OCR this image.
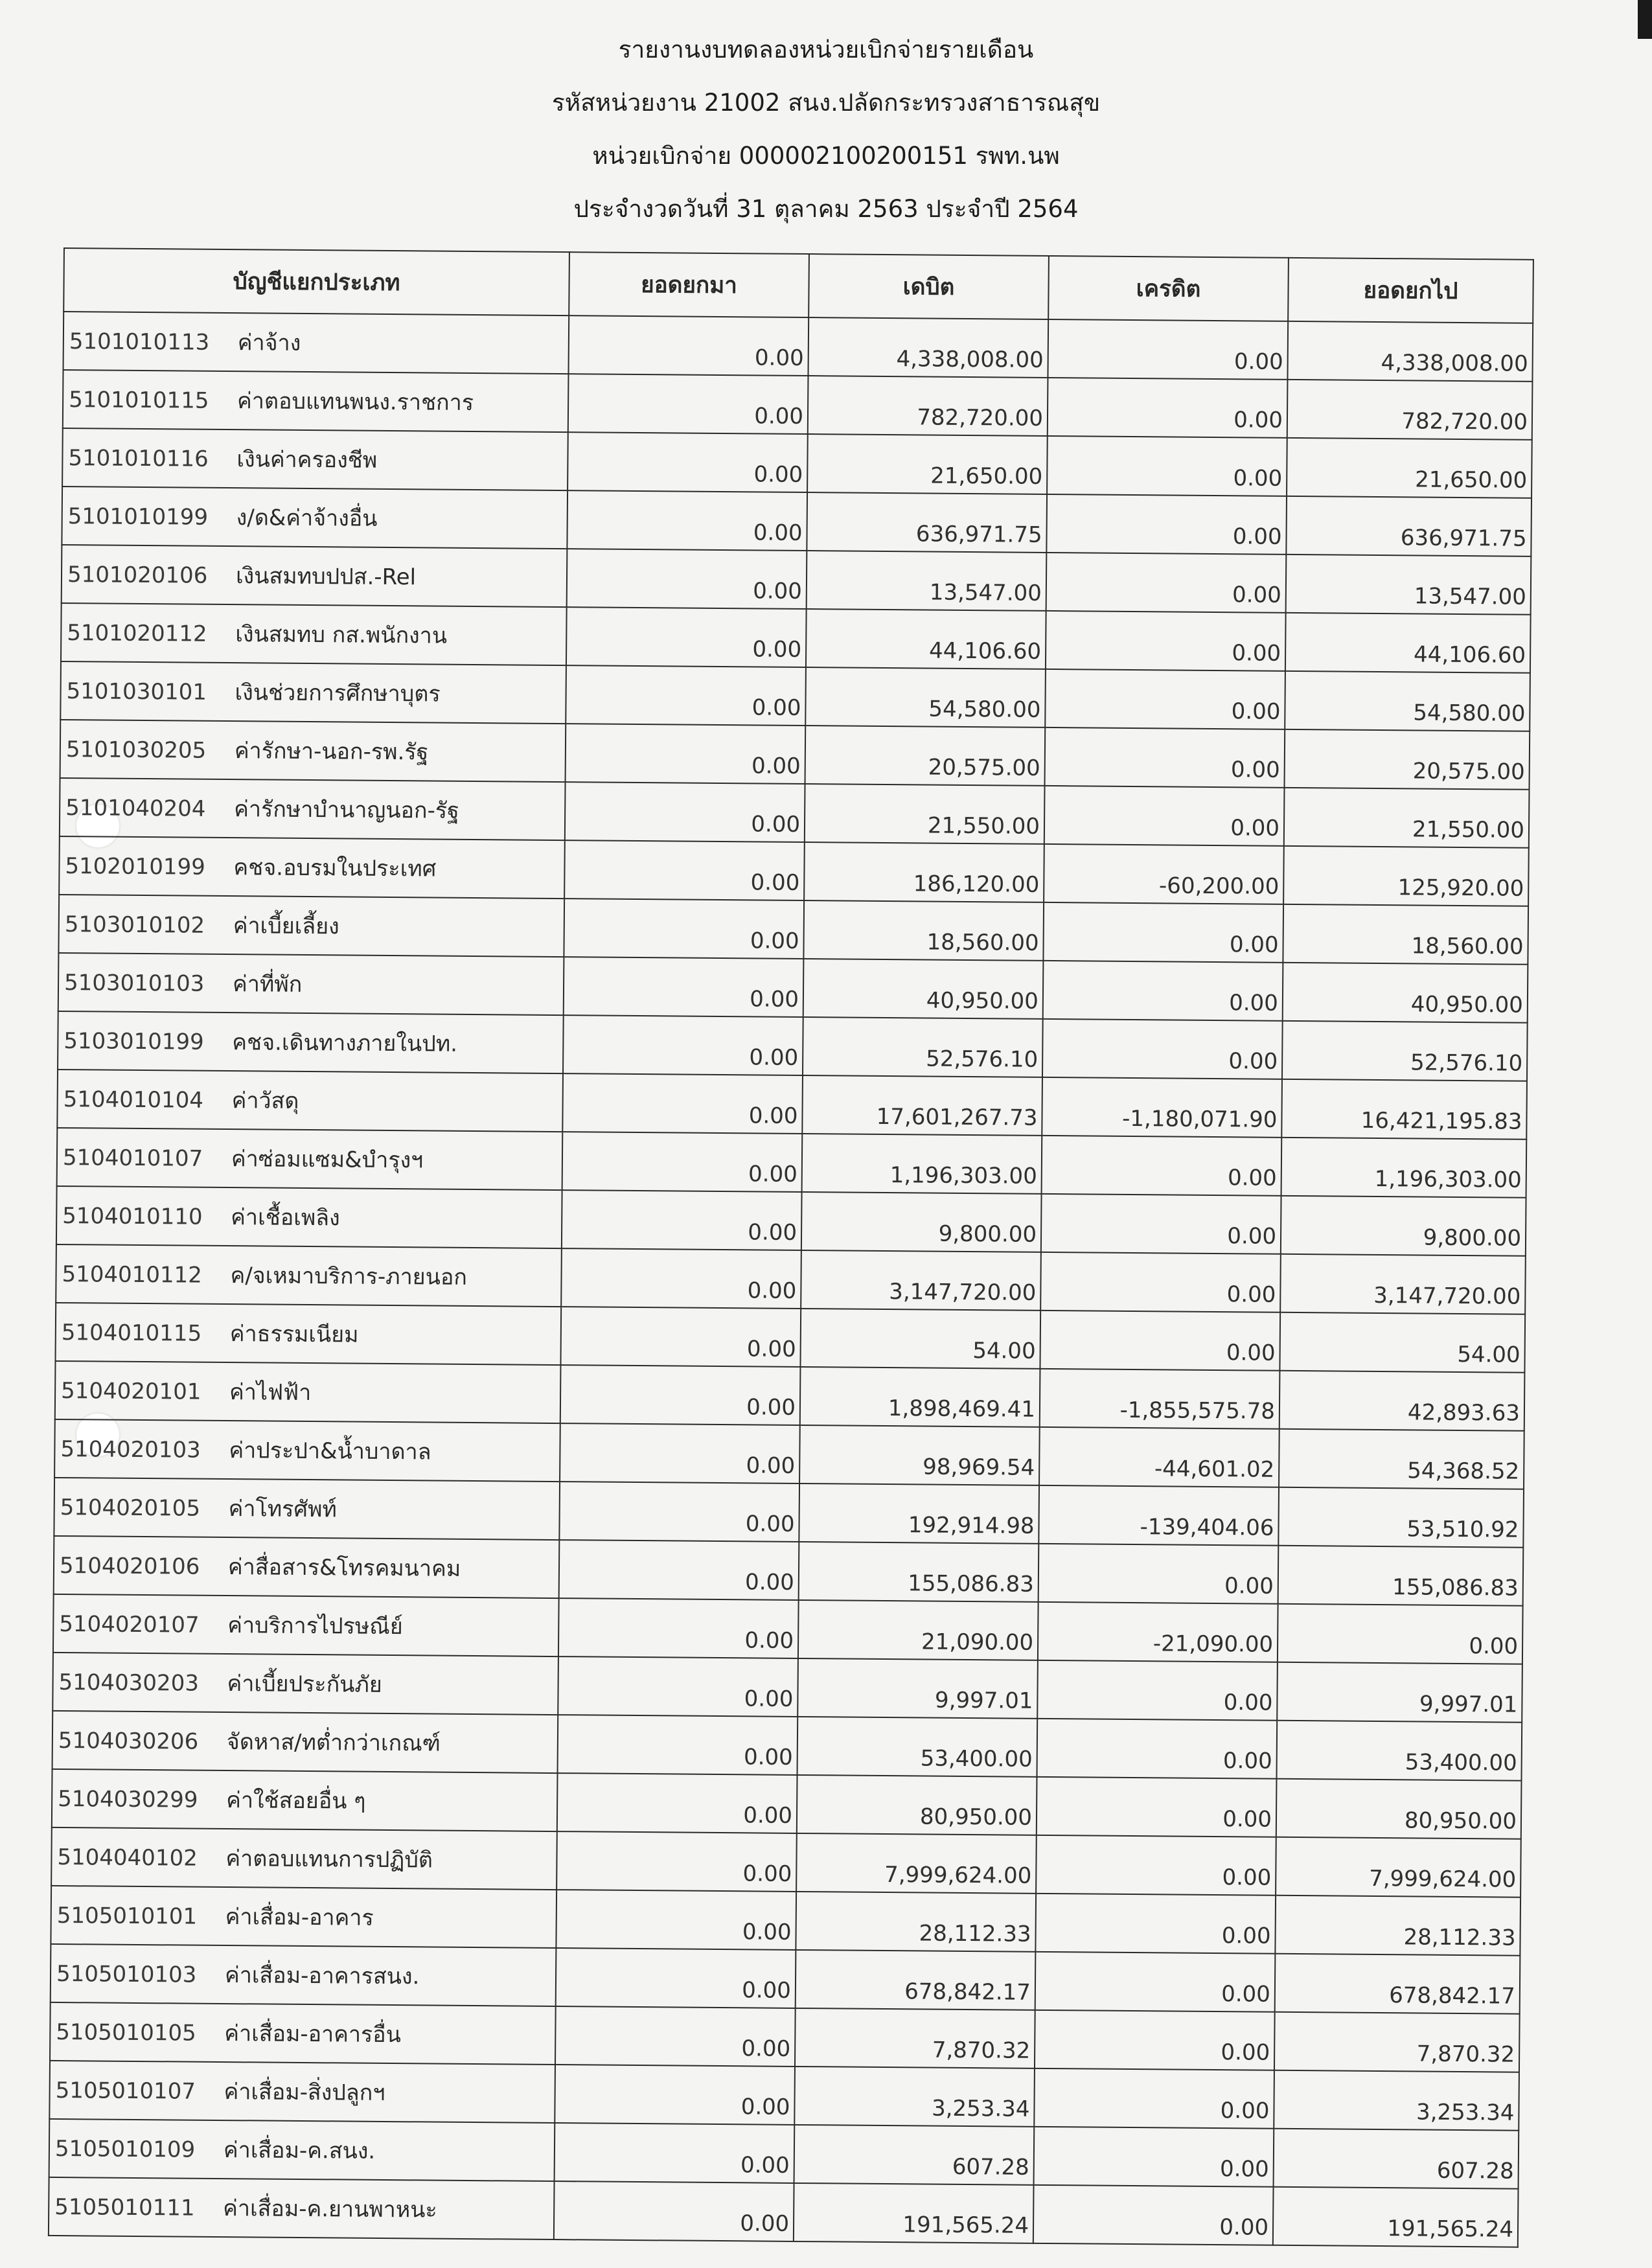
รายงานงบทดลองหน่วยเบิกจ่ายรายเดือน
รหัสหน่วยงาน 21002 สนง.ปลัดกระทรวงสาธารณสุข
หน่วยเบิกจ่าย 000002100200151 รพท.นพ
ประจำงวดวันที่ 31 ตุลาคม 2563 ประจำปี 2564
บัญชีแยกประเภท	ยอดยกมา	เดบิต	เครดิต	ยอดยกไป
5101010113 ค่าจ้าง	0.00	4,338,008.00	0.00	4,338,008.00
5101010115 ค่าตอบแทนพนง.ราชการ	0.00	782,720.00	0.00	782,720.00
5101010116 เงินค่าครองชีพ	0.00	21,650.00	0.00	21,650.00
5101010199 ง/ด&ค่าจ้างอื่น	0.00	636,971.75	0.00	636,971.75
5101020106 เงินสมทบปปส.-Rel	0.00	13,547.00	0.00	13,547.00
5101020112 เงินสมทบ กส.พนักงาน	0.00	44,106.60	0.00	44,106.60
5101030101 เงินช่วยการศึกษาบุตร	0.00	54,580.00	0.00	54,580.00
5101030205 ค่ารักษา-นอก-รพ.รัฐ	0.00	20,575.00	0.00	20,575.00
5101040204 ค่ารักษาบำนาญนอก-รัฐ	0.00	21,550.00	0.00	21,550.00
5102010199 คชจ.อบรมในประเทศ	0.00	186,120.00	-60,200.00	125,920.00
5103010102 ค่าเบี้ยเลี้ยง	0.00	18,560.00	0.00	18,560.00
5103010103 ค่าที่พัก	0.00	40,950.00	0.00	40,950.00
5103010199 คชจ.เดินทางภายในปท.	0.00	52,576.10	0.00	52,576.10
5104010104 ค่าวัสดุ	0.00	17,601,267.73	-1,180,071.90	16,421,195.83
5104010107 ค่าซ่อมแซม&บำรุงฯ	0.00	1,196,303.00	0.00	1,196,303.00
5104010110 ค่าเชื้อเพลิง	0.00	9,800.00	0.00	9,800.00
5104010112 ค/จเหมาบริการ-ภายนอก	0.00	3,147,720.00	0.00	3,147,720.00
5104010115 ค่าธรรมเนียม	0.00	54.00	0.00	54.00
5104020101 ค่าไฟฟ้า	0.00	1,898,469.41	-1,855,575.78	42,893.63
5104020103 ค่าประปา&น้ำบาดาล	0.00	98,969.54	-44,601.02	54,368.52
5104020105 ค่าโทรศัพท์	0.00	192,914.98	-139,404.06	53,510.92
5104020106 ค่าสื่อสาร&โทรคมนาคม	0.00	155,086.83	0.00	155,086.83
5104020107 ค่าบริการไปรษณีย์	0.00	21,090.00	-21,090.00	0.00
5104030203 ค่าเบี้ยประกันภัย	0.00	9,997.01	0.00	9,997.01
5104030206 จัดหาส/ทต่ำกว่าเกณฑ์	0.00	53,400.00	0.00	53,400.00
5104030299 ค่าใช้สอยอื่น ๆ	0.00	80,950.00	0.00	80,950.00
5104040102 ค่าตอบแทนการปฏิบัติ	0.00	7,999,624.00	0.00	7,999,624.00
5105010101 ค่าเสื่อม-อาคาร	0.00	28,112.33	0.00	28,112.33
5105010103 ค่าเสื่อม-อาคารสนง.	0.00	678,842.17	0.00	678,842.17
5105010105 ค่าเสื่อม-อาคารอื่น	0.00	7,870.32	0.00	7,870.32
5105010107 ค่าเสื่อม-สิ่งปลูกฯ	0.00	3,253.34	0.00	3,253.34
5105010109 ค่าเสื่อม-ค.สนง.	0.00	607.28	0.00	607.28
5105010111 ค่าเสื่อม-ค.ยานพาหนะ	0.00	191,565.24	0.00	191,565.24
